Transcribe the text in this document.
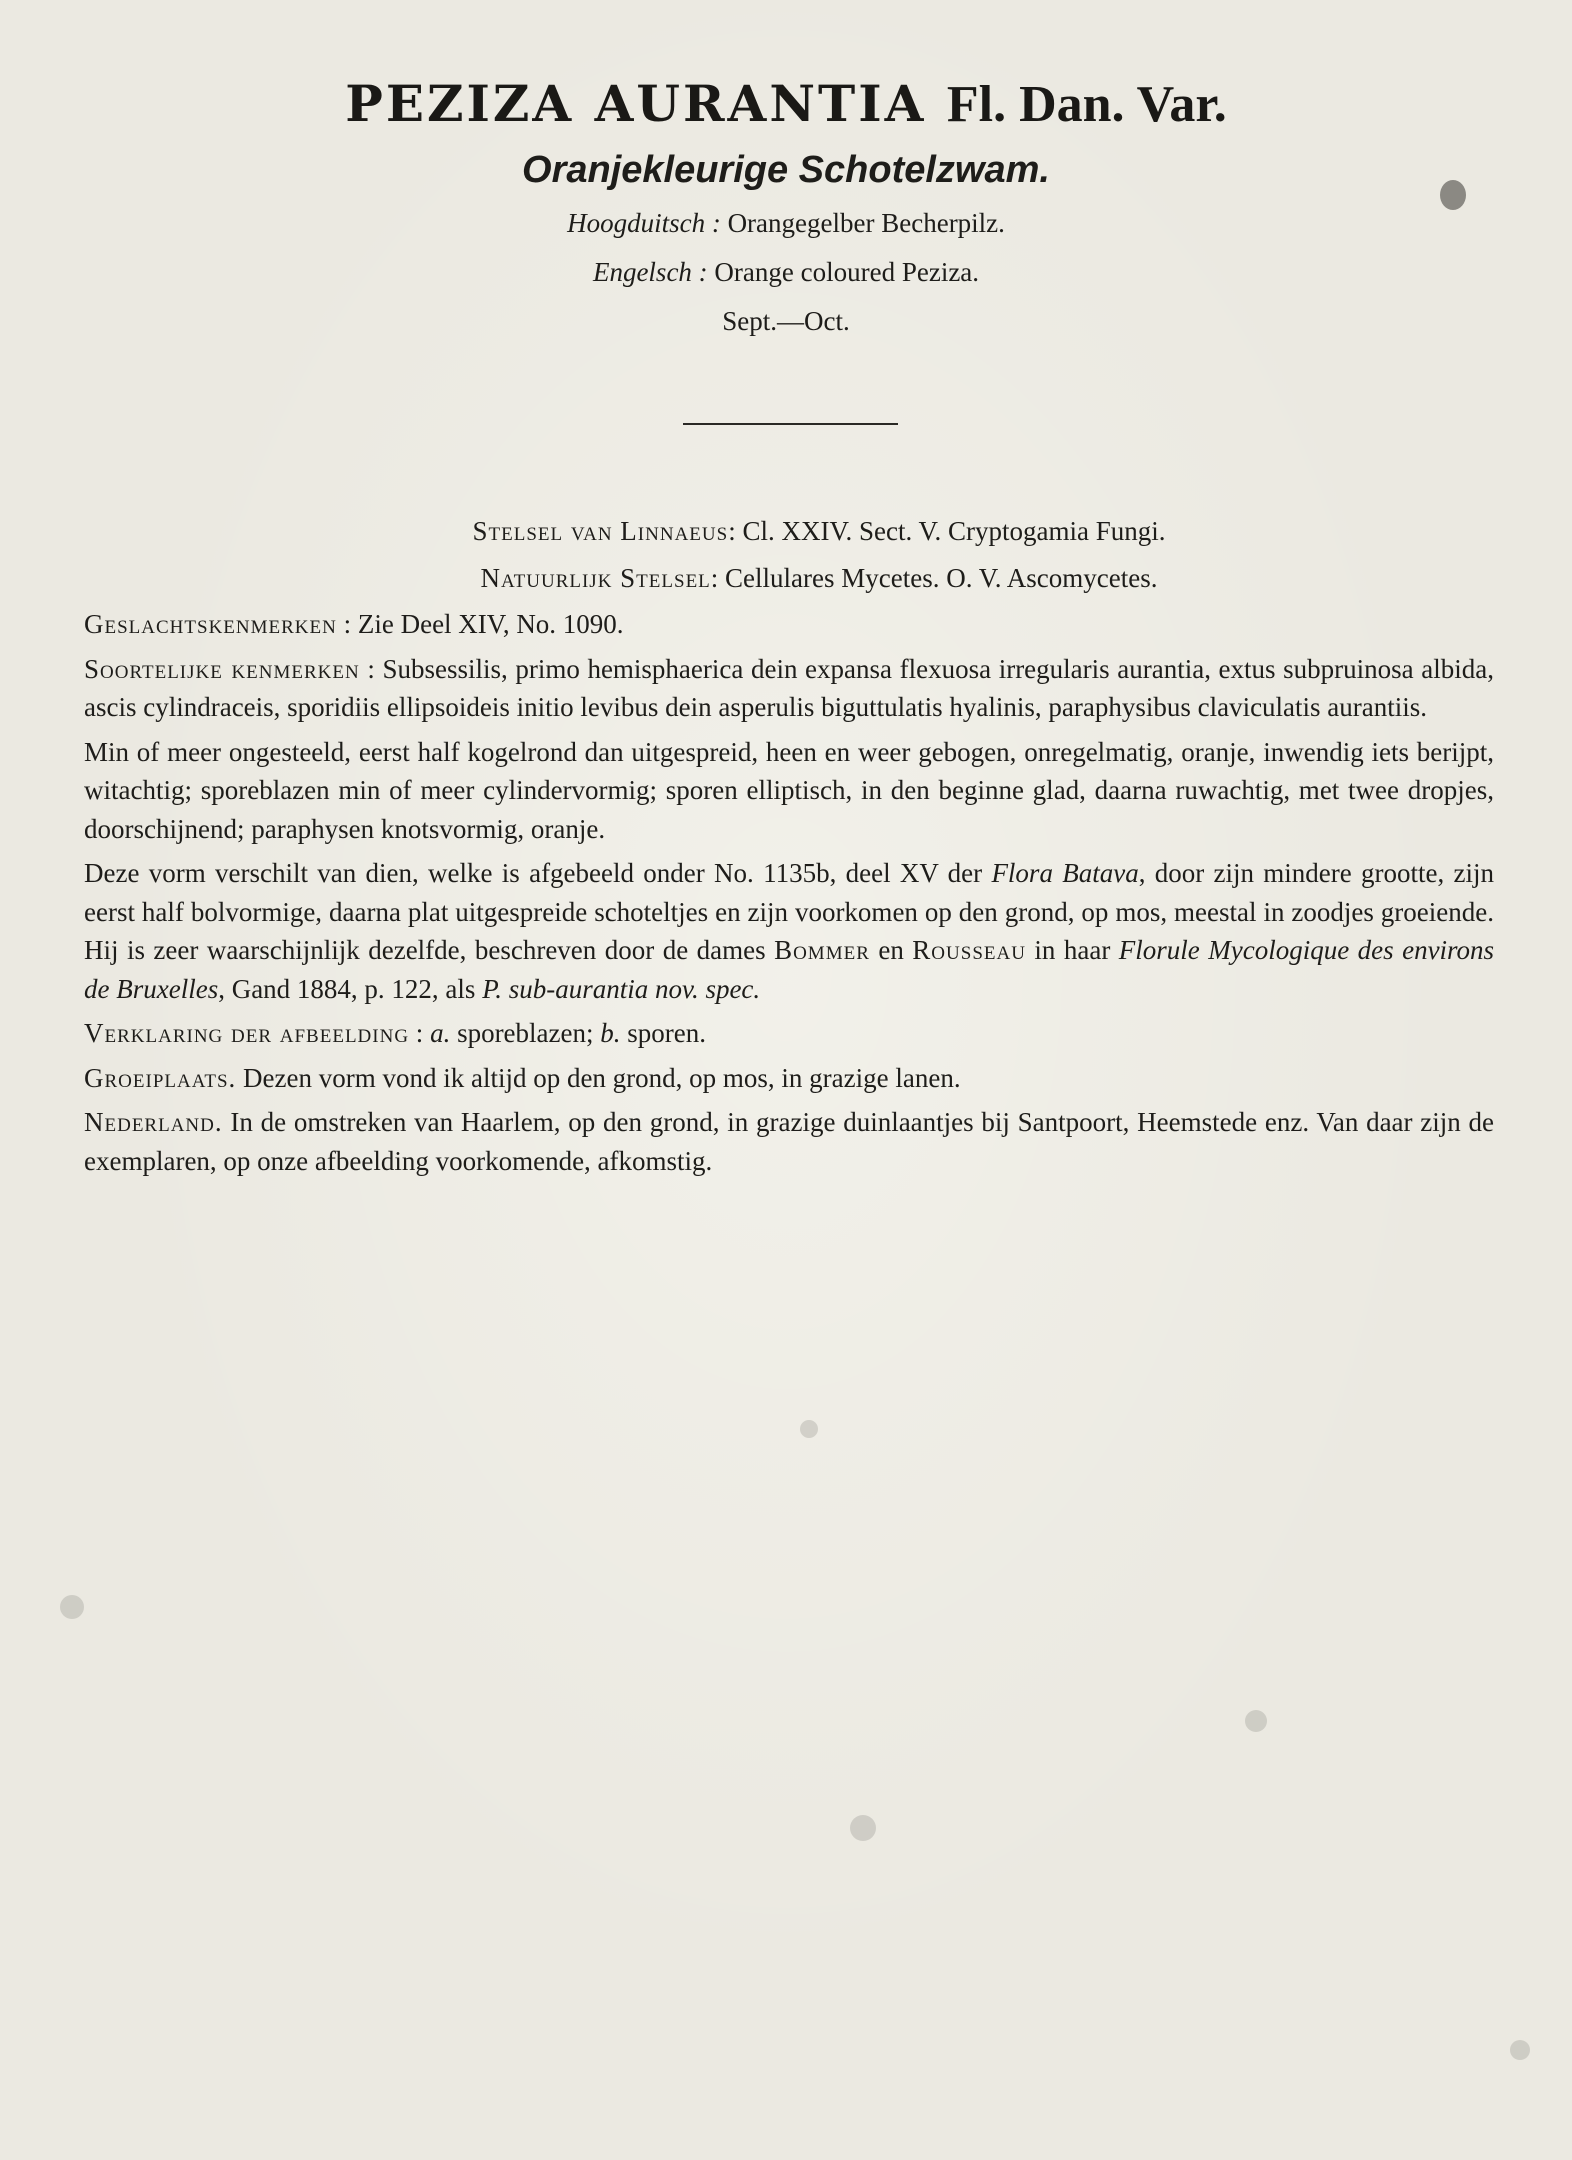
PEZIZA AURANTIA Fl. Dan. Var.
Oranjekleurige Schotelzwam.
Hoogduitsch : Orangegelber Becherpilz.
Engelsch : Orange coloured Peziza.
Sept.—Oct.
Stelsel van Linnaeus: Cl. XXIV. Sect. V. Cryptogamia Fungi.
Natuurlijk Stelsel: Cellulares Mycetes. O. V. Ascomycetes.
Geslachtskenmerken : Zie Deel XIV, No. 1090.
Soortelijke kenmerken : Subsessilis, primo hemisphaerica dein expansa flexuosa irregularis aurantia, extus subpruinosa albida, ascis cylindraceis, sporidiis ellipsoideis initio levibus dein asperulis biguttulatis hyalinis, paraphysibus claviculatis aurantiis.
Min of meer ongesteeld, eerst half kogelrond dan uitgespreid, heen en weer gebogen, onregelmatig, oranje, inwendig iets berijpt, witachtig; sporeblazen min of meer cylindervormig; sporen elliptisch, in den beginne glad, daarna ruwachtig, met twee dropjes, doorschijnend; paraphysen knotsvormig, oranje.
Deze vorm verschilt van dien, welke is afgebeeld onder No. 1135b, deel XV der Flora Batava, door zijn mindere grootte, zijn eerst half bolvormige, daarna plat uitgespreide schoteltjes en zijn voorkomen op den grond, op mos, meestal in zoodjes groeiende. Hij is zeer waarschijnlijk dezelfde, beschreven door de dames Bommer en Rousseau in haar Florule Mycologique des environs de Bruxelles, Gand 1884, p. 122, als P. sub-aurantia nov. spec.
Verklaring der afbeelding : a. sporeblazen; b. sporen.
Groeiplaats. Dezen vorm vond ik altijd op den grond, op mos, in grazige lanen.
Nederland. In de omstreken van Haarlem, op den grond, in grazige duinlaantjes bij Santpoort, Heemstede enz. Van daar zijn de exemplaren, op onze afbeelding voorkomende, afkomstig.
